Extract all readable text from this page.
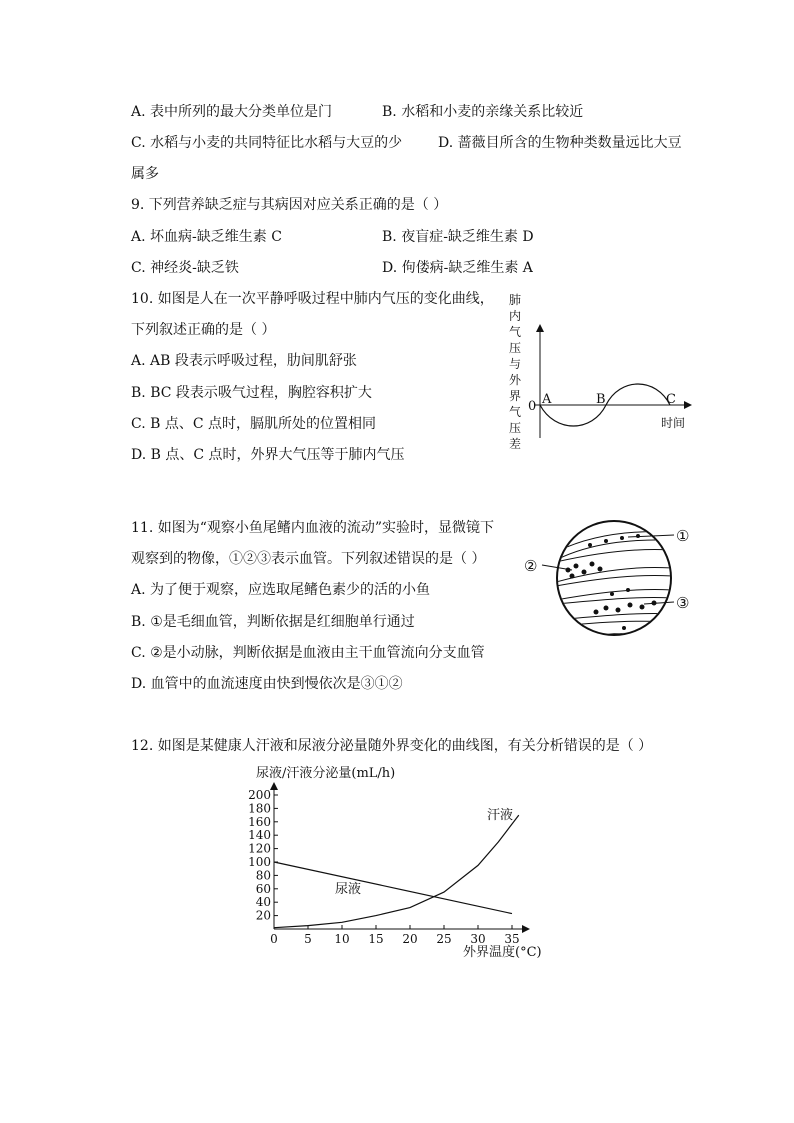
A. 表中所列的最大分类单位是门	B. 水稻和小麦的亲缘关系比较近
C. 水稻与小麦的共同特征比水稻与大豆的少	D. 蔷薇目所含的生物种类数量远比大豆
属多
9. 下列营养缺乏症与其病因对应关系正确的是（ ）
A. 坏血病-缺乏维生素 C	B. 夜盲症-缺乏维生素 D
C. 神经炎-缺乏铁	D. 佝偻病-缺乏维生素 A
10. 如图是人在一次平静呼吸过程中肺内气压的变化曲线，
下列叙述正确的是（ ）
A. AB 段表示呼吸过程，肋间肌舒张
B. BC 段表示吸气过程，胸腔容积扩大
C. B 点、C 点时，膈肌所处的位置相同
D. B 点、C 点时，外界大气压等于肺内气压
肺内气压与外界气压差
0 A	B	C
时间
11. 如图为“观察小鱼尾鳍内血液的流动”实验时，显微镜下
观察到的物像，①②③表示血管。下列叙述错误的是（ ）
A. 为了便于观察，应选取尾鳍色素少的活的小鱼
B. ①是毛细血管，判断依据是红细胞单行通过
C. ②是小动脉，判断依据是血液由主干血管流向分支血管
D. 血管中的血流速度由快到慢依次是③①②
①
②
③
12. 如图是某健康人汗液和尿液分泌量随外界变化的曲线图，有关分析错误的是（ ）
20
40
60
80
100
120
140
160
180
200
0 5 10 15 20 25 30 35
尿液/汗液分泌量(mL/h)
外界温度(°C)
尿液
汗液
